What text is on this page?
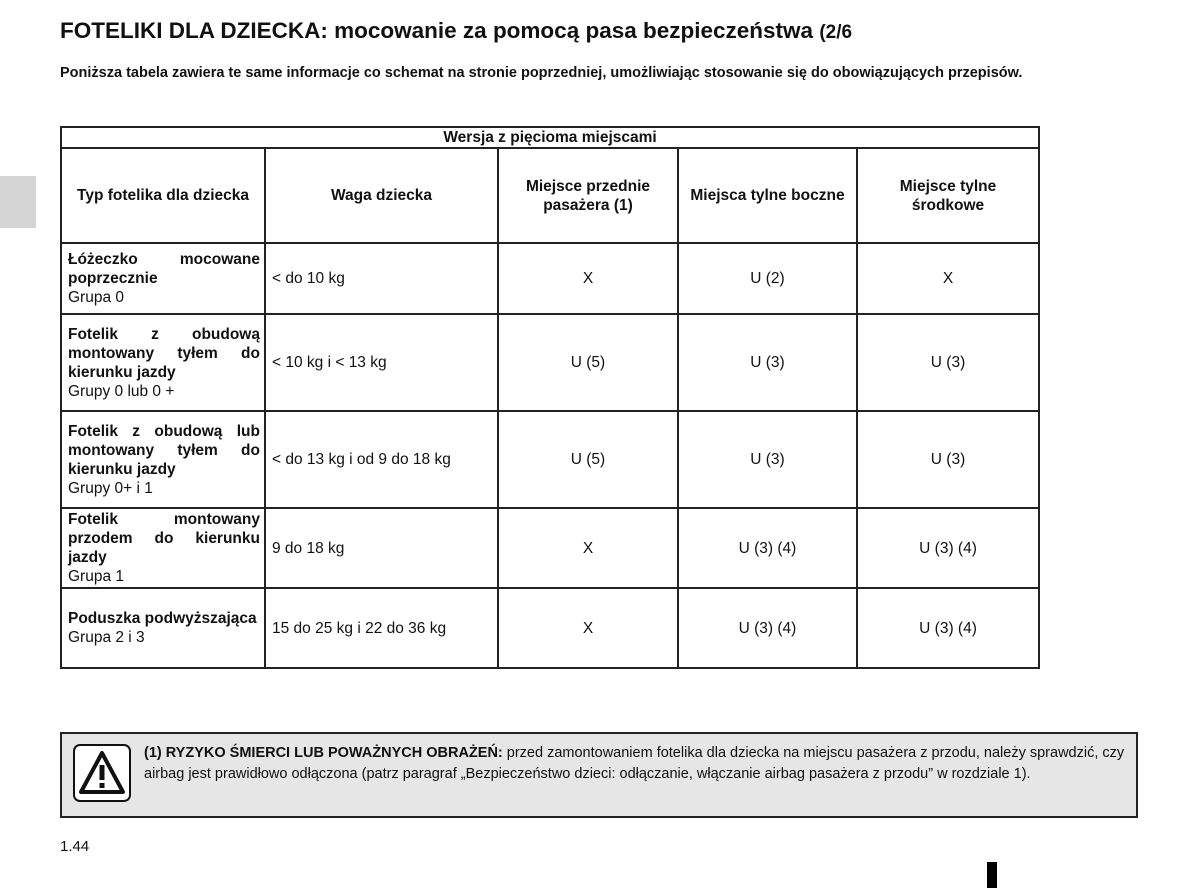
FOTELIKI DLA DZIECKA: mocowanie za pomocą pasa bezpieczeństwa (2/6

Poniższa tabela zawiera te same informacje co schemat na stronie poprzedniej, umożliwiając stosowanie się do obowiązujących przepisów.

Wersja z pięcioma miejscami				
Typ fotelika dla dziecka	Waga dziecka	Miejsce przednie pasażera (1)	Miejsca tylne boczne	Miejsce tylne środkowe

Łóżeczko mocowane poprzecznie
Grupa 0	< do 10 kg	X	U (2)	X

Fotelik z obudową montowany tyłem do kierunku jazdy
Grupy 0 lub 0 +	< 10 kg i < 13 kg	U (5)	U (3)	U (3)

Fotelik z obudową lub montowany tyłem do kierunku jazdy
Grupy 0+ i 1	< do 13 kg i od 9 do 18 kg	U (5)	U (3)	U (3)

Fotelik montowany przodem do kierunku jazdy
Grupa 1	9 do 18 kg	X	U (3) (4)	U (3) (4)

Poduszka podwyższająca
Grupa 2 i 3	15 do 25 kg i 22 do 36 kg	X	U (3) (4)	U (3) (4)

(1) RYZYKO ŚMIERCI LUB POWAŻNYCH OBRAŻEŃ: przed zamontowaniem fotelika dla dziecka na miejscu pasażera z przodu, należy sprawdzić, czy airbag jest prawidłowo odłączona (patrz paragraf „Bezpieczeństwo dzieci: odłączanie, włączanie airbag pasażera z przodu” w rozdziale 1).

1.44
